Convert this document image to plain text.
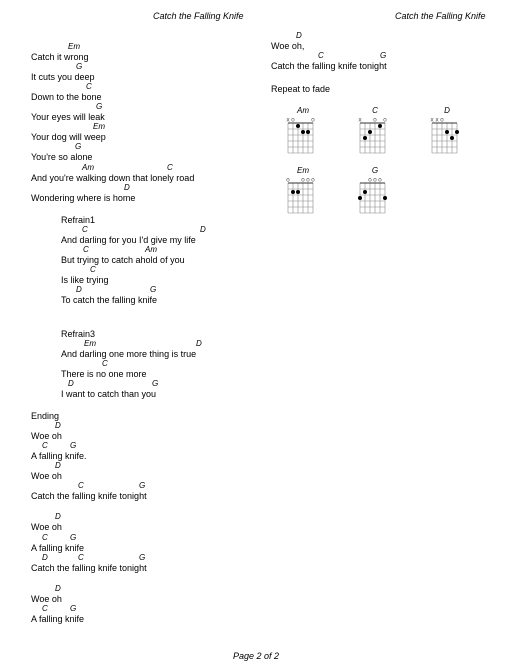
Catch the Falling Knife	Catch the Falling Knife
Em
Catch it wrong
G
It cuts you deep
C
Down to the bone
G
Your eyes will leak
Em
Your dog will weep
G
You're so alone
Am	C
And you're walking down that lonely road
D
Wondering where is home
Refrain1
C	D
And darling for you I'd give my life
C	Am
But trying to catch ahold of you
C
Is like trying
D	G
To catch the falling knife
Refrain3
Em	D
And darling one more thing is true
C
There is no one more
D	G
I want to catch than you
Ending
D
Woe oh
C	G
A falling knife.
D
Woe oh
C	G
Catch the falling knife tonight
D
Woe oh
C	G
A falling knife
D	C	G
Catch the falling knife tonight
D
Woe oh
C	G
A falling knife
D
Woe oh,
C	G
Catch the falling knife tonight
Repeat to fade
Am
x o	o
C
x o o
D
x x o
Em
o o o o
G
o o o
Page 2 of 2
